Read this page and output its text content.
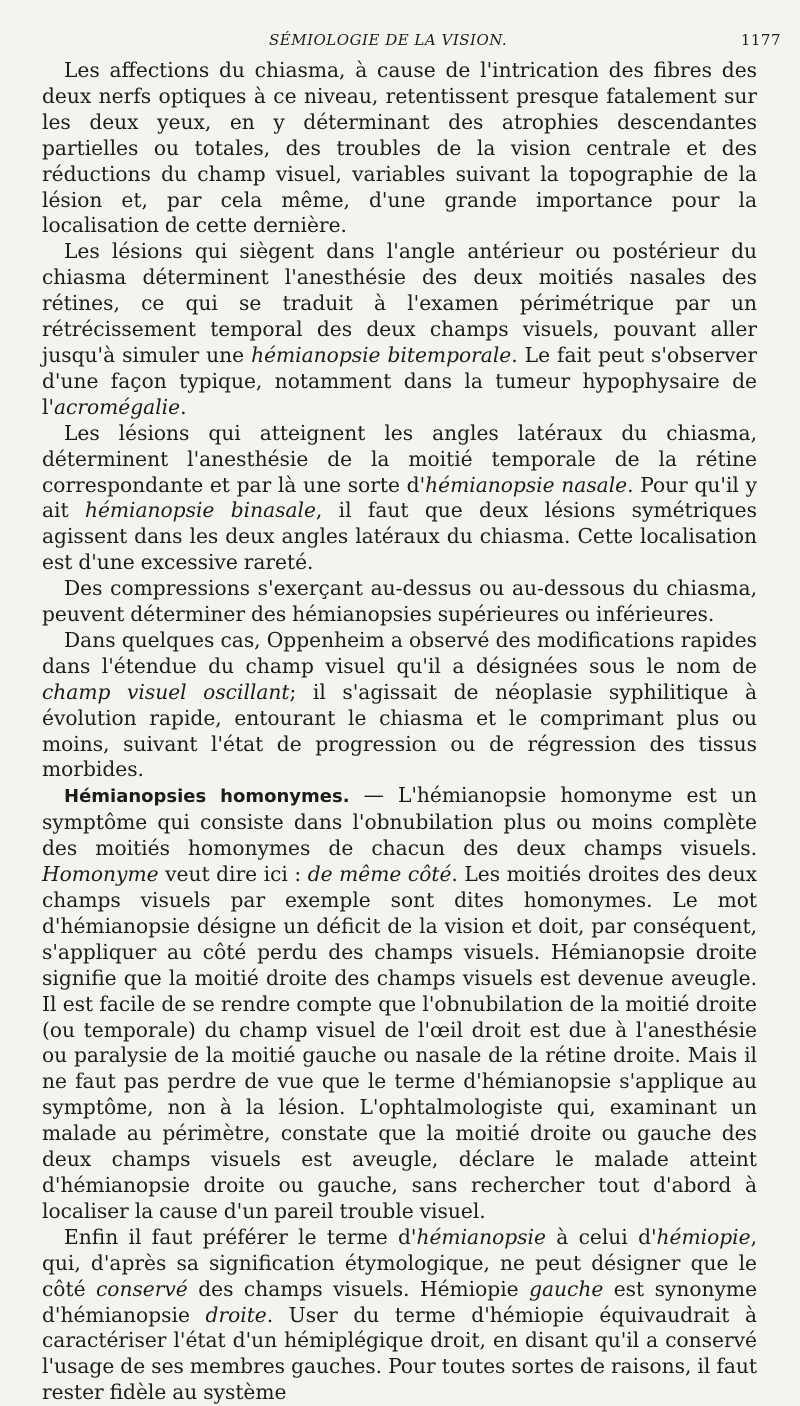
SÉMIOLOGIE DE LA VISION.	1177

Les affections du chiasma, à cause de l'intrication des fibres des deux nerfs optiques à ce niveau, retentissent presque fatalement sur les deux yeux, en y déterminant des atrophies descendantes partielles ou totales, des troubles de la vision centrale et des réductions du champ visuel, variables suivant la topographie de la lésion et, par cela même, d'une grande importance pour la localisation de cette dernière.

Les lésions qui siègent dans l'angle antérieur ou postérieur du chiasma déterminent l'anesthésie des deux moitiés nasales des rétines, ce qui se traduit à l'examen périmétrique par un rétrécissement temporal des deux champs visuels, pouvant aller jusqu'à simuler une hémianopsie bitemporale. Le fait peut s'observer d'une façon typique, notamment dans la tumeur hypophysaire de l'acromégalie.

Les lésions qui atteignent les angles latéraux du chiasma, déterminent l'anesthésie de la moitié temporale de la rétine correspondante et par là une sorte d'hémianopsie nasale. Pour qu'il y ait hémianopsie binasale, il faut que deux lésions symétriques agissent dans les deux angles latéraux du chiasma. Cette localisation est d'une excessive rareté.

Des compressions s'exerçant au-dessus ou au-dessous du chiasma, peuvent déterminer des hémianopsies supérieures ou inférieures.

Dans quelques cas, Oppenheim a observé des modifications rapides dans l'étendue du champ visuel qu'il a désignées sous le nom de champ visuel oscillant; il s'agissait de néoplasie syphilitique à évolution rapide, entourant le chiasma et le comprimant plus ou moins, suivant l'état de progression ou de régression des tissus morbides.

Hémianopsies homonymes. — L'hémianopsie homonyme est un symptôme qui consiste dans l'obnubilation plus ou moins complète des moitiés homonymes de chacun des deux champs visuels. Homonyme veut dire ici : de même côté. Les moitiés droites des deux champs visuels par exemple sont dites homonymes. Le mot d'hémianopsie désigne un déficit de la vision et doit, par conséquent, s'appliquer au côté perdu des champs visuels. Hémianopsie droite signifie que la moitié droite des champs visuels est devenue aveugle. Il est facile de se rendre compte que l'obnubilation de la moitié droite (ou temporale) du champ visuel de l'œil droit est due à l'anesthésie ou paralysie de la moitié gauche ou nasale de la rétine droite. Mais il ne faut pas perdre de vue que le terme d'hémianopsie s'applique au symptôme, non à la lésion. L'ophtalmologiste qui, examinant un malade au périmètre, constate que la moitié droite ou gauche des deux champs visuels est aveugle, déclare le malade atteint d'hémianopsie droite ou gauche, sans rechercher tout d'abord à localiser la cause d'un pareil trouble visuel.

Enfin il faut préférer le terme d'hémianopsie à celui d'hémiopie, qui, d'après sa signification étymologique, ne peut désigner que le côté conservé des champs visuels. Hémiopie gauche est synonyme d'hémianopsie droite. User du terme d'hémiopie équivaudrait à caractériser l'état d'un hémiplégique droit, en disant qu'il a conservé l'usage de ses membres gauches. Pour toutes sortes de raisons, il faut rester fidèle au système
